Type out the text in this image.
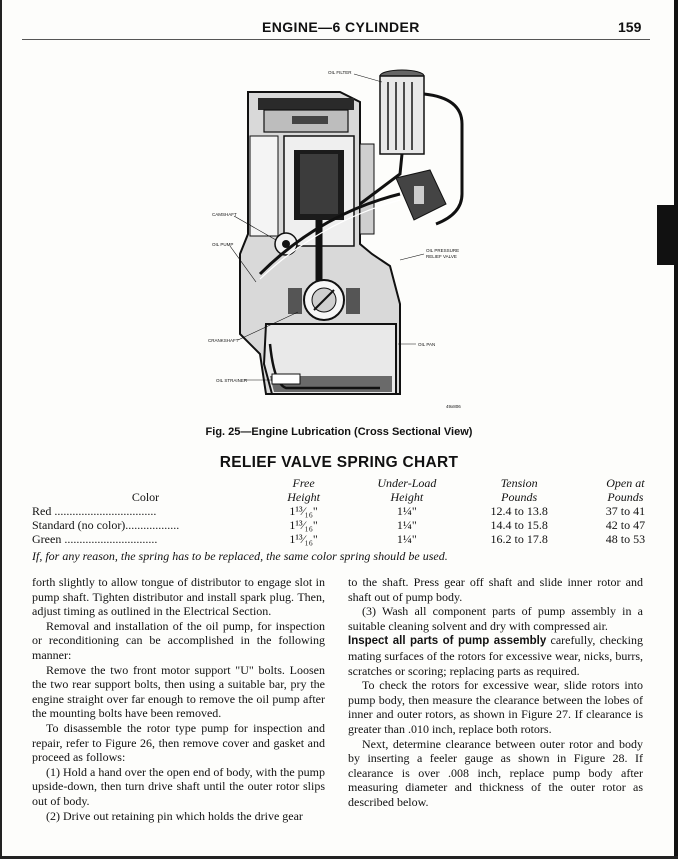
ENGINE—6 CYLINDER	159
OIL FILTER
CAMSHAFT
OIL PUMP
OIL PRESSURE
RELIEF VALVE
CRANKSHAFT
OIL PAN
OIL STRAINER
49x806
Fig. 25—Engine Lubrication (Cross Sectional View)
RELIEF VALVE SPRING CHART
	Free	Under-Load	Tension	Open at
Color	Height	Height	Pounds	Pounds
Red ..................................	1¹³⁄₁₆"	1¼"	12.4 to 13.8	37 to 41
Standard (no color)..................	1¹³⁄₁₆"	1¼"	14.4 to 15.8	42 to 47
Green ...............................	1¹³⁄₁₆"	1¼"	16.2 to 17.8	48 to 53
If, for any reason, the spring has to be replaced, the same color spring should be used.

forth slightly to allow tongue of distributor to engage slot in pump shaft. Tighten distributor and install spark plug. Then, adjust timing as outlined in the Electrical Section.

Removal and installation of the oil pump, for inspection or reconditioning can be accomplished in the following manner:

Remove the two front motor support "U" bolts. Loosen the two rear support bolts, then using a suitable bar, pry the engine straight over far enough to remove the oil pump after the mounting bolts have been removed.

To disassemble the rotor type pump for inspection and repair, refer to Figure 26, then remove cover and gasket and proceed as follows:

(1) Hold a hand over the open end of body, with the pump upside-down, then turn drive shaft until the outer rotor slips out of body.

(2) Drive out retaining pin which holds the drive gear

to the shaft. Press gear off shaft and slide inner rotor and shaft out of pump body.

(3) Wash all component parts of pump assembly in a suitable cleaning solvent and dry with compressed air.

Inspect all parts of pump assembly carefully, checking mating surfaces of the rotors for excessive wear, nicks, burrs, scratches or scoring; replacing parts as required.

To check the rotors for excessive wear, slide rotors into pump body, then measure the clearance between the lobes of inner and outer rotors, as shown in Figure 27. If clearance is greater than .010 inch, replace both rotors.

Next, determine clearance between outer rotor and body by inserting a feeler gauge as shown in Figure 28. If clearance is over .008 inch, replace pump body after measuring diameter and thickness of the outer rotor as described below.
